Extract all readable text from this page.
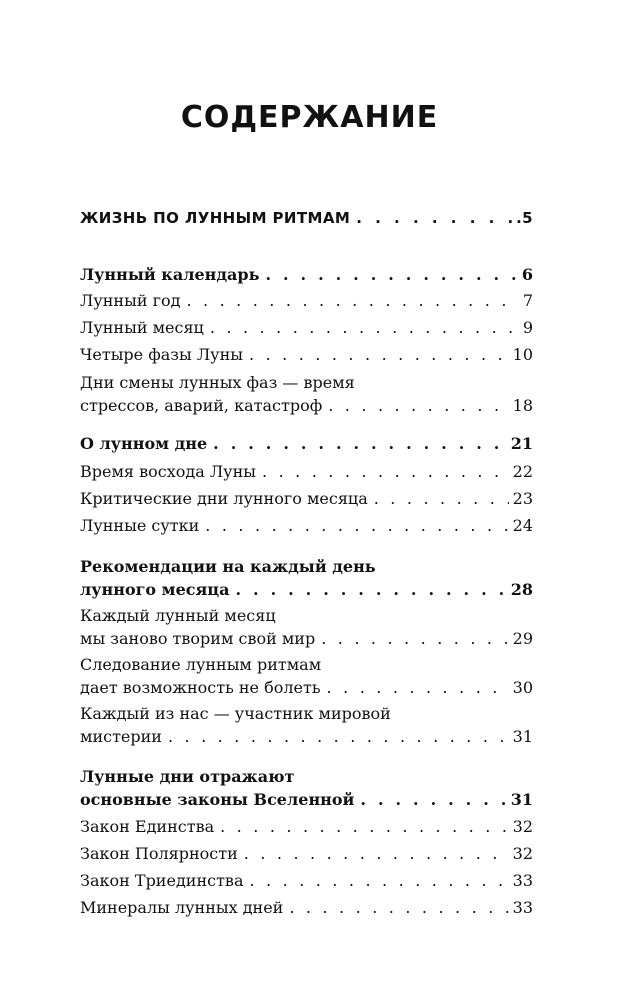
СОДЕРЖАНИЕ
ЖИЗНЬ ПО ЛУННЫМ РИТМАМ . . .	.5
Лунный календарь . . .	6
Лунный год . . .	7
Лунный месяц . . .	9
Четыре фазы Луны . . .	10
Дни смены лунных фаз — время
стрессов, аварий, катастроф . . .	18
О лунном дне . . .	21
Время восхода Луны . . .	22
Критические дни лунного месяца . . .	23
Лунные сутки . . .	24
Рекомендации на каждый день
лунного месяца . . .	28
Каждый лунный месяц
мы заново творим свой мир . . .	29
Следование лунным ритмам
дает возможность не болеть . . .	30
Каждый из нас — участник мировой
мистерии . . .	31
Лунные дни отражают
основные законы Вселенной . . .	31
Закон Единства . . .	32
Закон Полярности . . .	32
Закон Триединства . . .	33
Минералы лунных дней . . .	33
